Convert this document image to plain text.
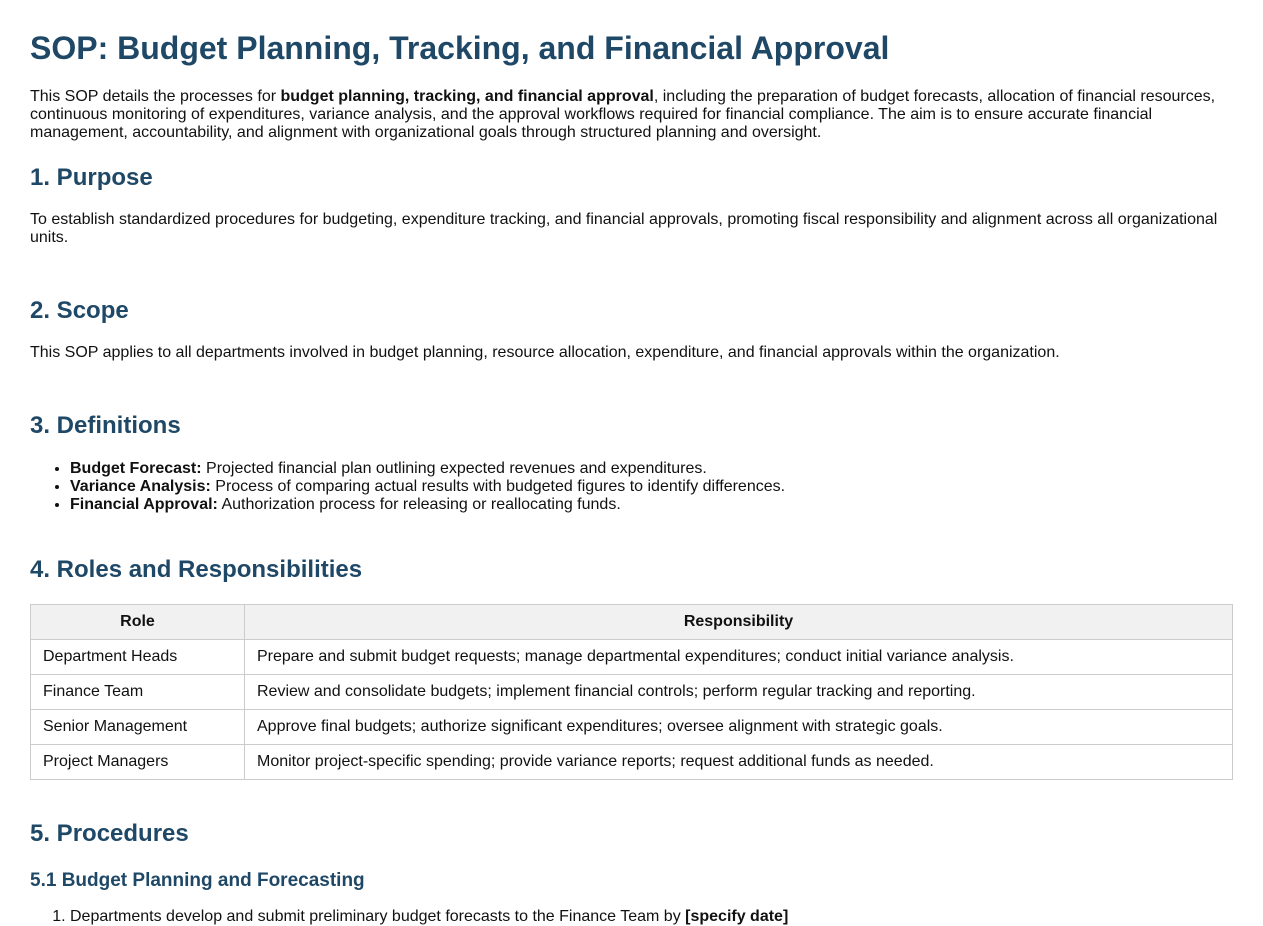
SOP: Budget Planning, Tracking, and Financial Approval

This SOP details the processes for budget planning, tracking, and financial approval, including the preparation of budget forecasts, allocation of financial resources, continuous monitoring of expenditures, variance analysis, and the approval workflows required for financial compliance. The aim is to ensure accurate financial management, accountability, and alignment with organizational goals through structured planning and oversight.

1. Purpose

To establish standardized procedures for budgeting, expenditure tracking, and financial approvals, promoting fiscal responsibility and alignment across all organizational units.

2. Scope

This SOP applies to all departments involved in budget planning, resource allocation, expenditure, and financial approvals within the organization.

3. Definitions
• Budget Forecast: Projected financial plan outlining expected revenues and expenditures.
• Variance Analysis: Process of comparing actual results with budgeted figures to identify differences.
• Financial Approval: Authorization process for releasing or reallocating funds.
4. Roles and Responsibilities
Role	Responsibility
Department Heads	Prepare and submit budget requests; manage departmental expenditures; conduct initial variance analysis.
Finance Team	Review and consolidate budgets; implement financial controls; perform regular tracking and reporting.
Senior Management	Approve final budgets; authorize significant expenditures; oversee alignment with strategic goals.
Project Managers	Monitor project-specific spending; provide variance reports; request additional funds as needed.
5. Procedures
5.1 Budget Planning and Forecasting
1. Departments develop and submit preliminary budget forecasts to the Finance Team by [specify date]
